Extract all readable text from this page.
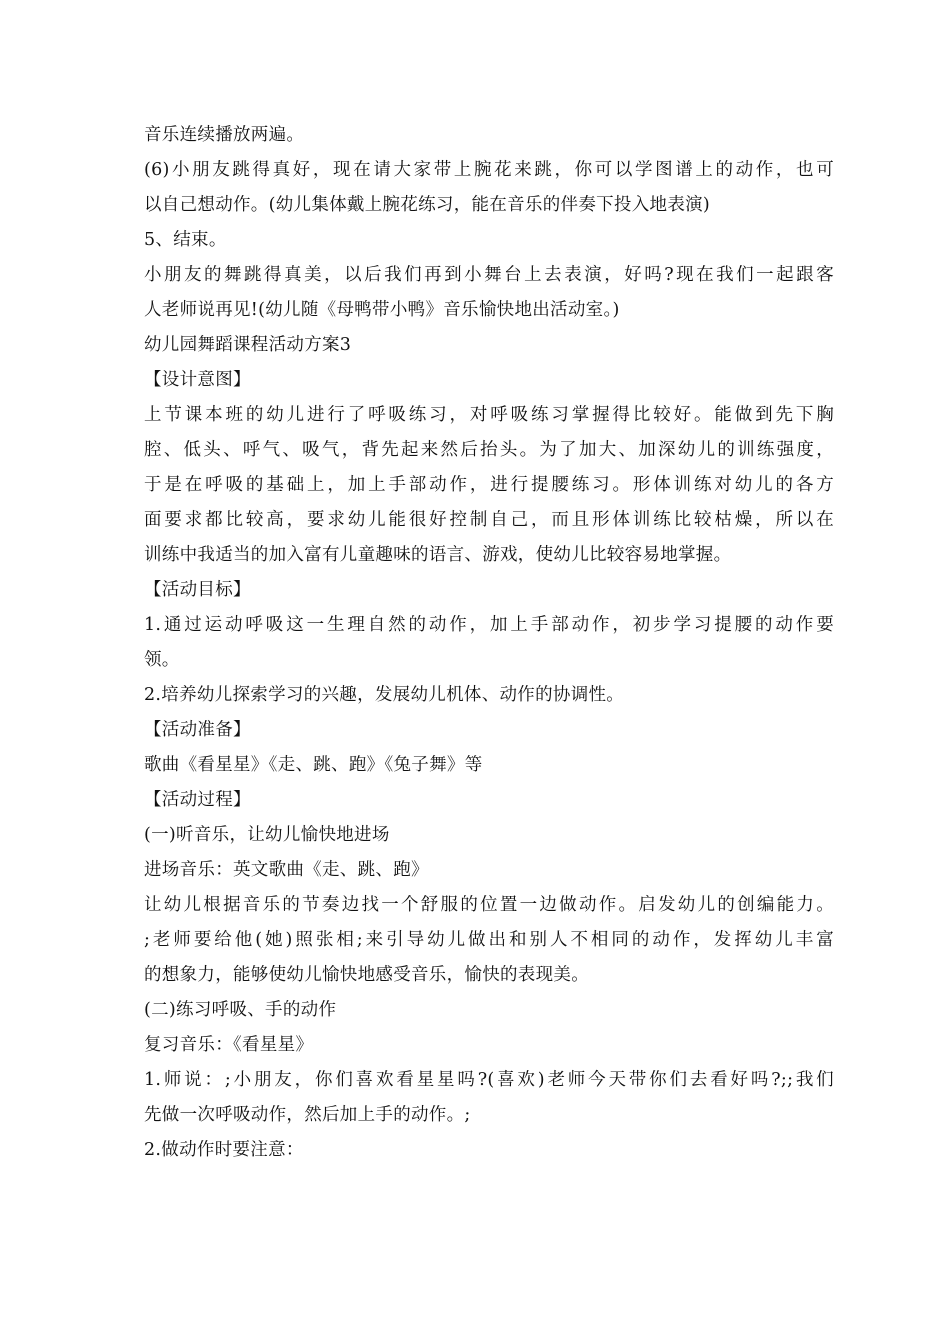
音乐连续播放两遍。
(6)小朋友跳得真好，现在请大家带上腕花来跳，你可以学图谱上的动作，也可
以自己想动作。(幼儿集体戴上腕花练习，能在音乐的伴奏下投入地表演)
5、结束。
小朋友的舞跳得真美，以后我们再到小舞台上去表演，好吗?现在我们一起跟客
人老师说再见!(幼儿随《母鸭带小鸭》音乐愉快地出活动室。)
幼儿园舞蹈课程活动方案3
【设计意图】
上节课本班的幼儿进行了呼吸练习，对呼吸练习掌握得比较好。能做到先下胸
腔、低头、呼气、吸气，背先起来然后抬头。为了加大、加深幼儿的训练强度，
于是在呼吸的基础上，加上手部动作，进行提腰练习。形体训练对幼儿的各方
面要求都比较高，要求幼儿能很好控制自己，而且形体训练比较枯燥，所以在
训练中我适当的加入富有儿童趣味的语言、游戏，使幼儿比较容易地掌握。
【活动目标】
1.通过运动呼吸这一生理自然的动作，加上手部动作，初步学习提腰的动作要
领。
2.培养幼儿探索学习的兴趣，发展幼儿机体、动作的协调性。
【活动准备】
歌曲《看星星》《走、跳、跑》《兔子舞》等
【活动过程】
(一)听音乐，让幼儿愉快地进场
进场音乐：英文歌曲《走、跳、跑》
让幼儿根据音乐的节奏边找一个舒服的位置一边做动作。启发幼儿的创编能力。
;老师要给他(她)照张相;来引导幼儿做出和别人不相同的动作，发挥幼儿丰富
的想象力，能够使幼儿愉快地感受音乐，愉快的表现美。
(二)练习呼吸、手的动作
复习音乐：《看星星》
1.师说：;小朋友，你们喜欢看星星吗?(喜欢)老师今天带你们去看好吗?;;我们
先做一次呼吸动作，然后加上手的动作。;
2.做动作时要注意：
